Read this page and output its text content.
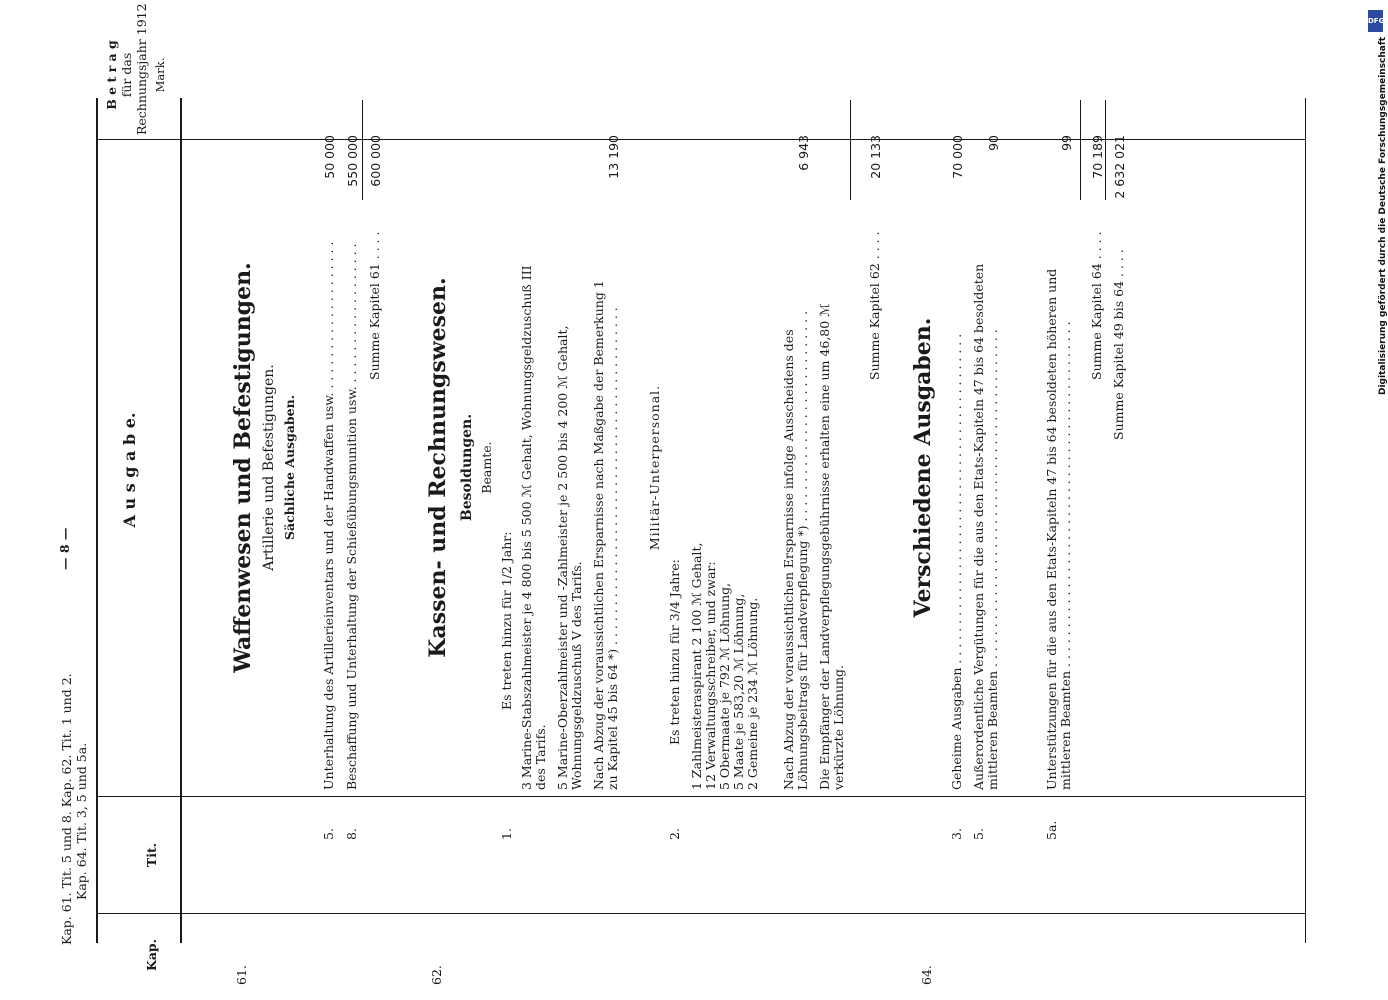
Kap. 61. Tit. 5 und 8. Kap. 62. Tit. 1 und 2. Kap. 64. Tit. 3, 5 und 5a.
— 8 —
Kap.
Tit.
A u s g a b e.
B e t r a g für das Rechnungsjahr 1912 Mark.
61.
Waffenwesen und Befestigungen. Artillerie und Befestigungen. Sächliche Ausgaben.
5.
Unterhaltung des Artillerieinventars und der Handwaffen usw. . . . . . . . . . . . . . . . . . . .
50 000
8.
Beschaffung und Unterhaltung der Schießübungsmunition usw. . . . . . . . . . . . . . . . . . .
550 000
Summe Kapitel 61 . . . .
600 000
62.
Kassen- und Rechnungswesen. Besoldungen. Beamte.
1.
Es treten hinzu für 1/2 Jahr: 3 Marine-Stabszahlmeister je 4 800 bis 5 500 ℳ Gehalt, Wohnungsgeldzuschuß III des Tarifs. 5 Marine-Oberzahlmeister und -Zahlmeister je 2 500 bis 4 200 ℳ Gehalt, Wohnungsgeldzuschuß V des Tarifs. Nach Abzug der voraussichtlichen Ersparnisse nach Maßgabe der Bemerkung 1 zu Kapitel 45 bis 64 *) . . . . . . . . . . . . . . . . . . . . . . . . . . . . . . . . . . . . . . . . . . .
13 190
Militär-Unterpersonal.
2.
Es treten hinzu für 3/4 Jahre: 1 Zahlmeisteraspirant 2 100 ℳ Gehalt, 12 Verwaltungsschreiber, und zwar: 5 Obermaate je 792 ℳ Löhnung, 5 Maate je 583,20 ℳ Löhnung, 2 Gemeine je 234 ℳ Löhnung. Nach Abzug der voraussichtlichen Ersparnisse infolge Ausscheidens des Löhnungsbeitrags für Landverpflegung *) . . . . . . . . . . . . . . . . . . . . . . . . . . .
6 943
Die Empfänger der Landverpflegungsgebührnisse erhalten eine um 46,80 ℳ verkürzte Löhnung.
Summe Kapitel 62 . . . .
20 133
64.
Verschiedene Ausgaben.
3.
Geheime Ausgaben . . . . . . . . . . . . . . . . . . . . . . . . . . . . . . . . . . . . . . . . . .
70 000
5.
Außerordentliche Vergütungen für die aus den Etats-Kapiteln 47 bis 64 besoldeten mittleren Beamten . . . . . . . . . . . . . . . . . . . . . . . . . . . . . . . . . . . . . . . . . . .
90
5a.
Unterstützungen für die aus den Etats-Kapiteln 47 bis 64 besoldeten höheren und mittleren Beamten . . . . . . . . . . . . . . . . . . . . . . . . . . . . . . . . . . . . . . . . . . . .
99
Summe Kapitel 64 . . . .
70 189
Summe Kapitel 49 bis 64 . . . .
2 632 021
DFG
Digitalisierung gefördert durch die Deutsche Forschungsgemeinschaft
